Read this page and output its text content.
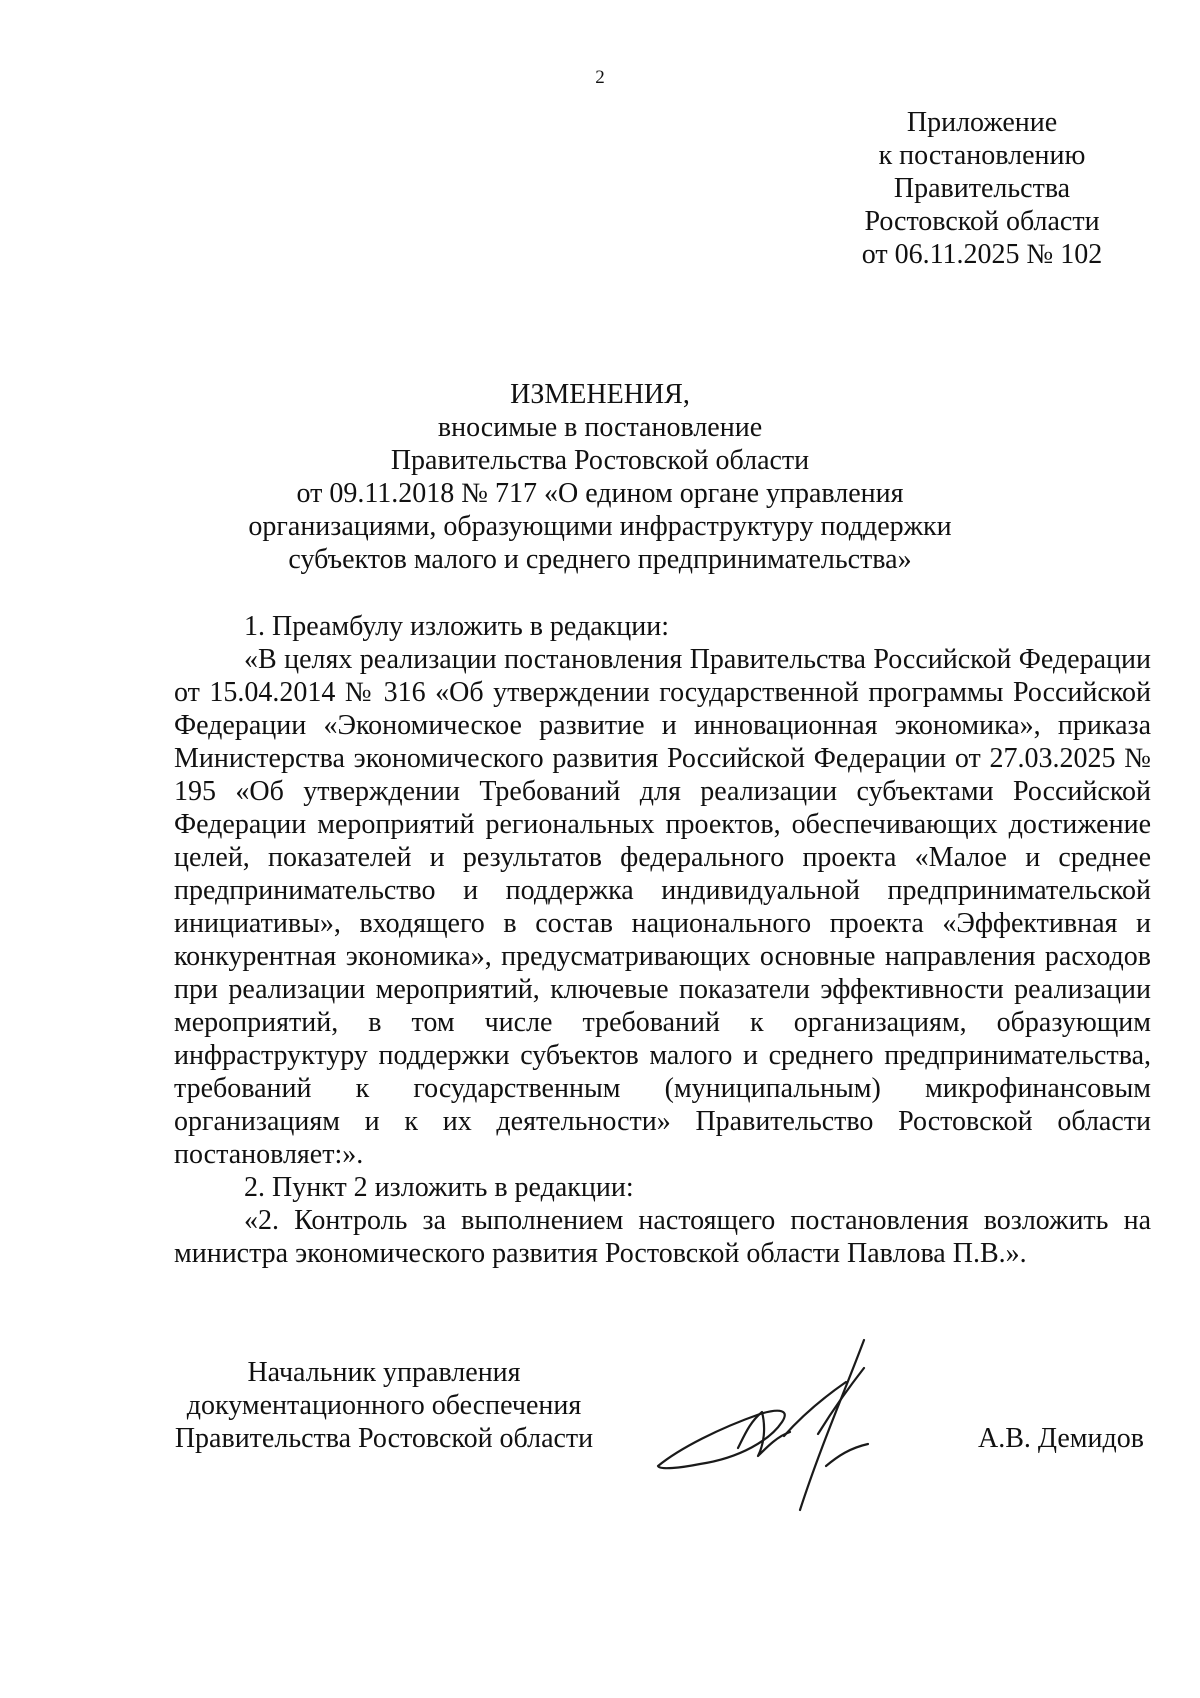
2
Приложение
к постановлению
Правительства
Ростовской области
от 06.11.2025 № 102
ИЗМЕНЕНИЯ,
вносимые в постановление
Правительства Ростовской области
от 09.11.2018 № 717 «О едином органе управления
организациями, образующими инфраструктуру поддержки
субъектов малого и среднего предпринимательства»

1. Преамбулу изложить в редакции:

«В целях реализации постановления Правительства Российской Федерации от 15.04.2014 № 316 «Об утверждении государственной программы Российской Федерации «Экономическое развитие и инновационная экономика», приказа Министерства экономического развития Российской Федерации от 27.03.2025 № 195 «Об утверждении Требований для реализации субъектами Российской Федерации мероприятий региональных проектов, обеспечивающих достижение целей, показателей и результатов федерального проекта «Малое и среднее предпринимательство и поддержка индивидуальной предпринимательской инициативы», входящего в состав национального проекта «Эффективная и конкурентная экономика», предусматривающих основные направления расходов при реализации мероприятий, ключевые показатели эффективности реализации мероприятий, в том числе требований к организациям, образующим инфраструктуру поддержки субъектов малого и среднего предпринимательства, требований к государственным (муниципальным) микрофинансовым организациям и к их деятельности» Правительство Ростовской области постановляет:».

2. Пункт 2 изложить в редакции:

«2. Контроль за выполнением настоящего постановления возложить на министра экономического развития Ростовской области Павлова П.В.».

Начальник управления
документационного обеспечения
Правительства Ростовской области	А.В. Демидов
